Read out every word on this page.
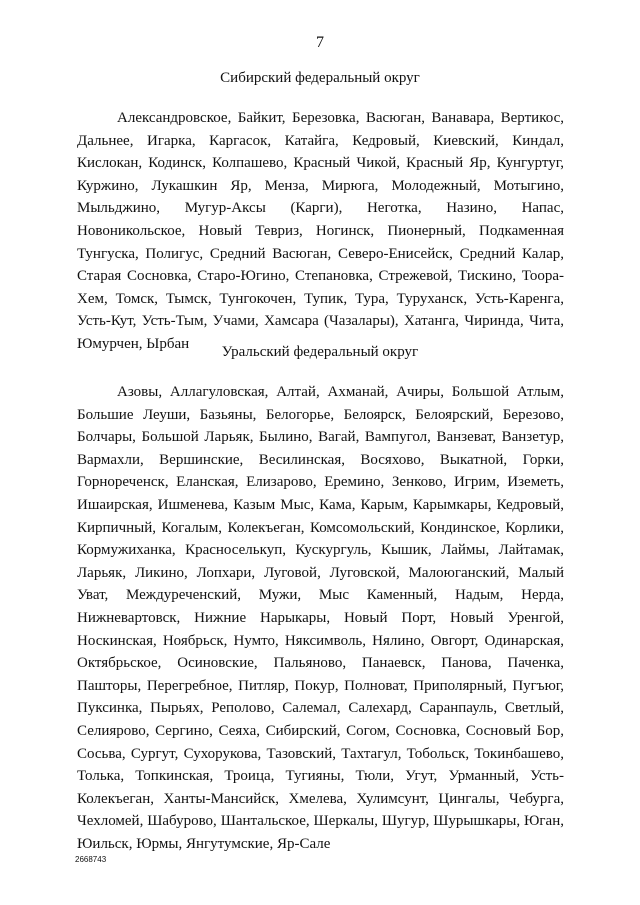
7
Сибирский федеральный округ

Александровское, Байкит, Березовка, Васюган, Ванавара, Вертикос, Дальнее, Игарка, Каргасок, Катайга, Кедровый, Киевский, Киндал, Кислокан, Кодинск, Колпашево, Красный Чикой, Красный Яр, Кунгуртуг, Куржино, Лукашкин Яр, Менза, Мирюга, Молодежный, Мотыгино, Мыльджино, Мугур-Аксы (Карги), Неготка, Назино, Напас, Новоникольское, Новый Тевриз, Ногинск, Пионерный, Подкаменная Тунгуска, Полигус, Средний Васюган, Северо-Енисейск, Средний Калар, Старая Сосновка, Старо-Югино, Степановка, Стрежевой, Тискино, Тоора-Хем, Томск, Тымск, Тунгокочен, Тупик, Тура, Туруханск, Усть-Каренга, Усть-Кут, Усть-Тым, Учами, Хамсара (Чазалары), Хатанга, Чиринда, Чита, Юмурчен, Ырбан

Уральский федеральный округ

Азовы, Аллагуловская, Алтай, Ахманай, Ачиры, Большой Атлым, Большие Леуши, Базьяны, Белогорье, Белоярск, Белоярский, Березово, Болчары, Большой Ларьяк, Былино, Вагай, Вампугол, Ванзеват, Ванзетур, Вармахли, Вершинские, Весилинская, Восяхово, Выкатной, Горки, Горнореченск, Еланская, Елизарово, Еремино, Зенково, Игрим, Иземеть, Ишаирская, Ишменева, Казым Мыс, Кама, Карым, Карымкары, Кедровый, Кирпичный, Когалым, Колекъеган, Комсомольский, Кондинское, Корлики, Кормужиханка, Красноселькуп, Кускургуль, Кышик, Лаймы, Лайтамак, Ларьяк, Ликино, Лопхари, Луговой, Луговской, Малоюганский, Малый Уват, Междуреченский, Мужи, Мыс Каменный, Надым, Нерда, Нижневартовск, Нижние Нарыкары, Новый Порт, Новый Уренгой, Носкинская, Ноябрьск, Нумто, Няксимволь, Нялино, Овгорт, Одинарская, Октябрьское, Осиновские, Пальяново, Панаевск, Панова, Паченка, Пашторы, Перегребное, Питляр, Покур, Полноват, Приполярный, Пугъюг, Пуксинка, Пырьях, Реполово, Салемал, Салехард, Саранпауль, Светлый, Селиярово, Сергино, Сеяха, Сибирский, Согом, Сосновка, Сосновый Бор, Сосьва, Сургут, Сухорукова, Тазовский, Тахтагул, Тобольск, Токинбашево, Толька, Топкинская, Троица, Тугияны, Тюли, Угут, Урманный, Усть-Колекъеган, Ханты-Мансийск, Хмелева, Хулимсунт, Цингалы, Чебурга, Чехломей, Шабурово, Шантальское, Шеркалы, Шугур, Шурышкары, Юган, Юильск, Юрмы, Янгутумские, Яр-Сале

2668743
